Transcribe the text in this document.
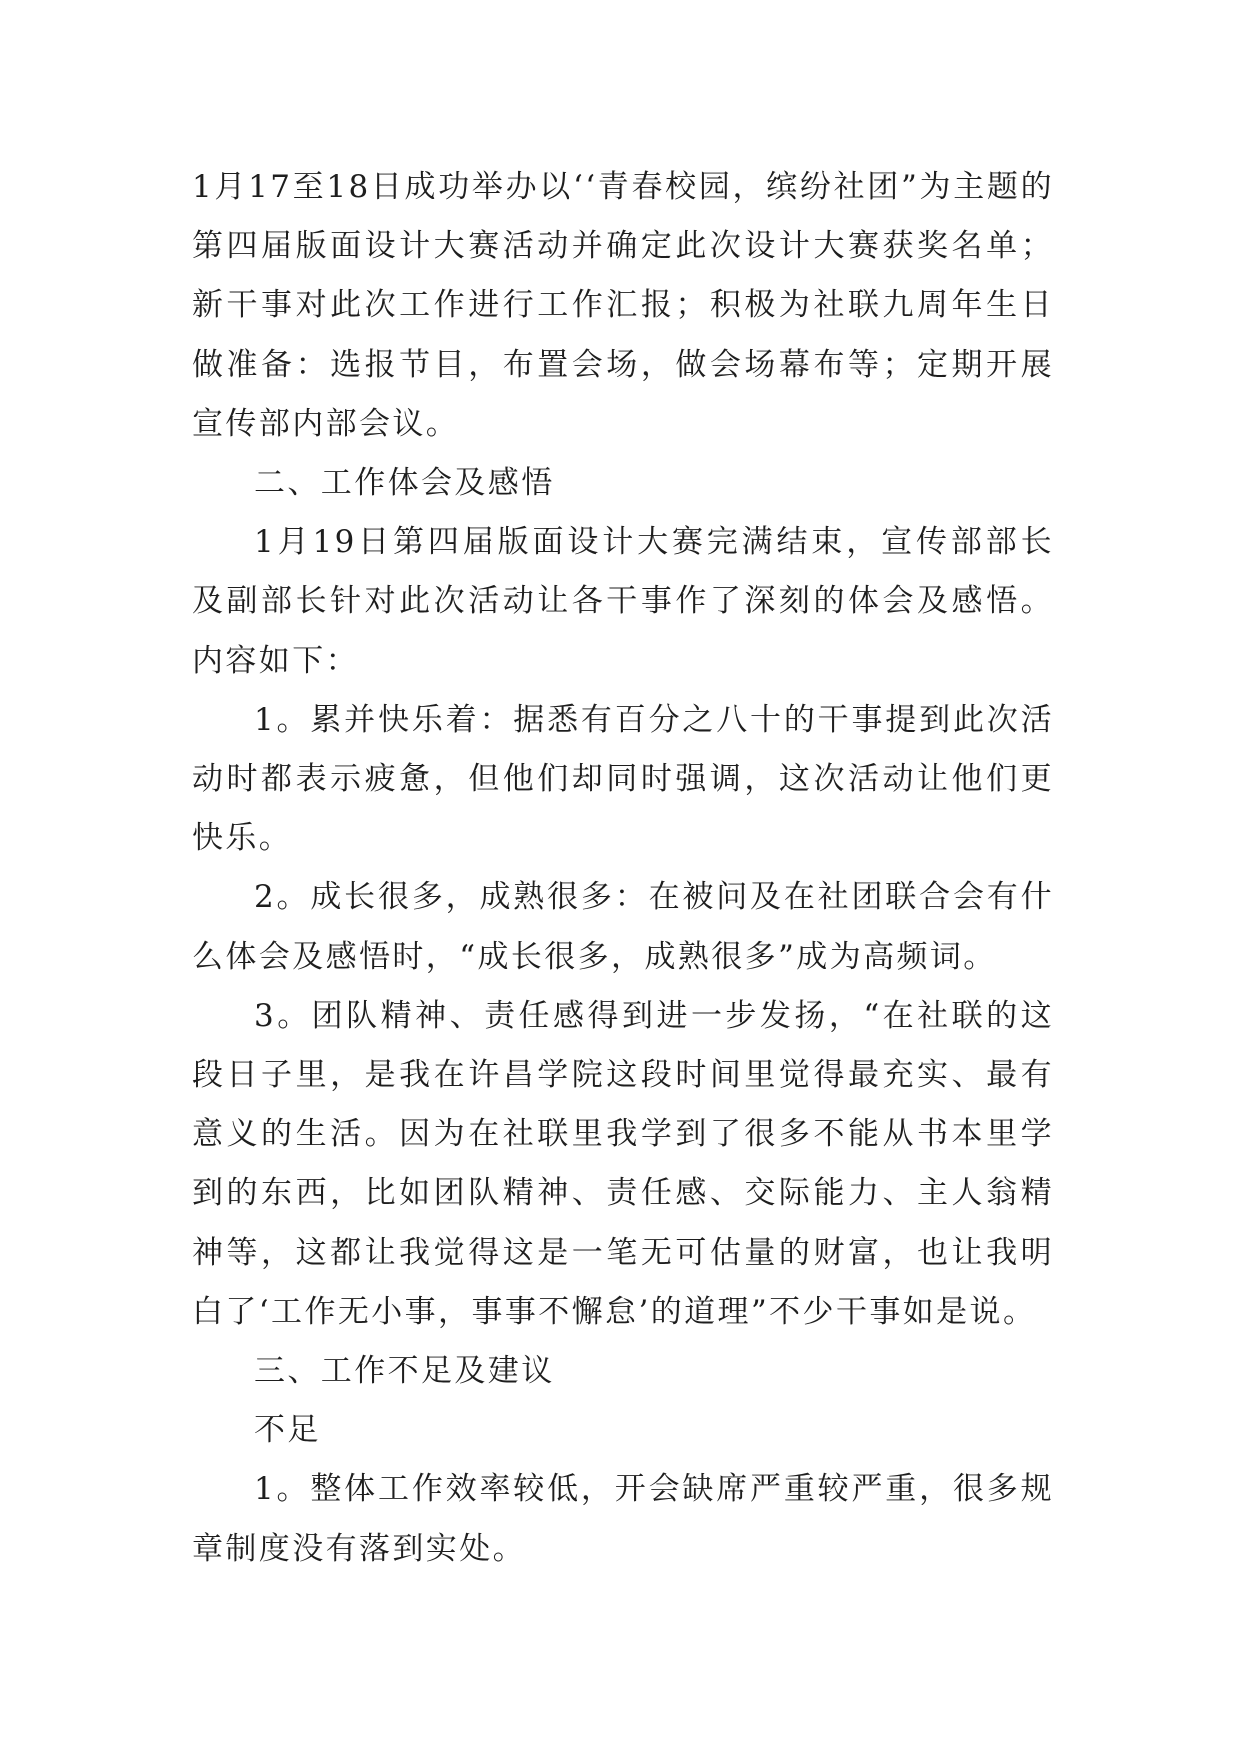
1月17至18日成功举办以‘‘青春校园，缤纷社团”为主题的第四届版面设计大赛活动并确定此次设计大赛获奖名单；新干事对此次工作进行工作汇报；积极为社联九周年生日做准备：选报节目，布置会场，做会场幕布等；定期开展宣传部内部会议。

二、工作体会及感悟

1月19日第四届版面设计大赛完满结束，宣传部部长及副部长针对此次活动让各干事作了深刻的体会及感悟。内容如下：

1。累并快乐着：据悉有百分之八十的干事提到此次活动时都表示疲惫，但他们却同时强调，这次活动让他们更快乐。

2。成长很多，成熟很多：在被问及在社团联合会有什么体会及感悟时，“成长很多，成熟很多”成为高频词。

3。团队精神、责任感得到进一步发扬，“在社联的这段日子里，是我在许昌学院这段时间里觉得最充实、最有意义的生活。因为在社联里我学到了很多不能从书本里学到的东西，比如团队精神、责任感、交际能力、主人翁精神等，这都让我觉得这是一笔无可估量的财富，也让我明白了‘工作无小事，事事不懈怠’的道理”不少干事如是说。

三、工作不足及建议

不足

1。整体工作效率较低，开会缺席严重较严重，很多规章制度没有落到实处。
